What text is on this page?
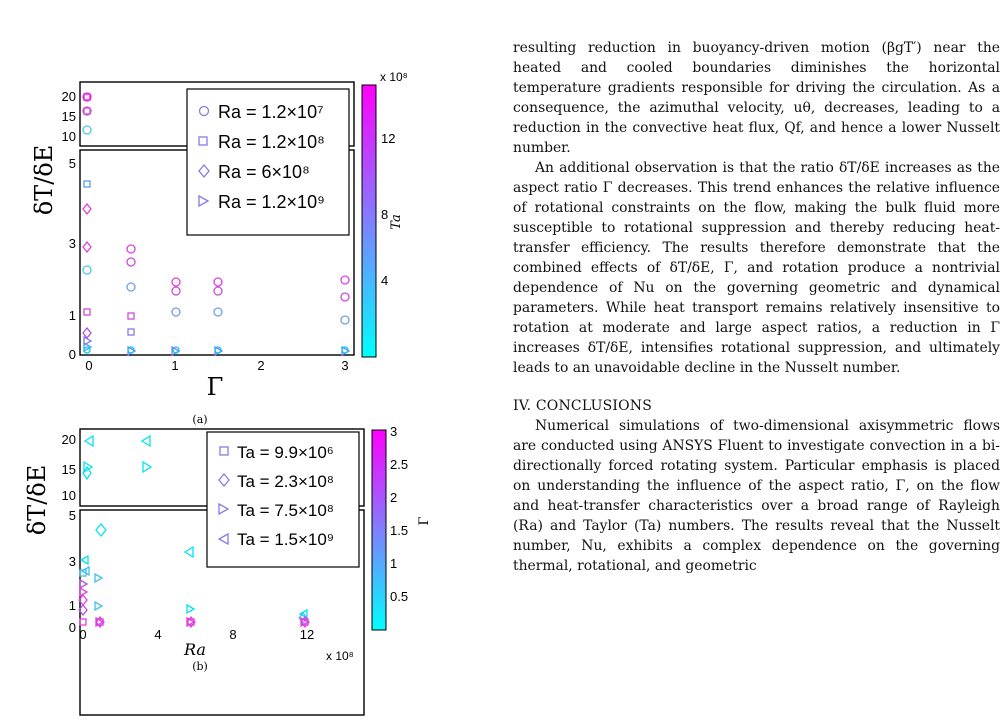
δT/δE
20
15
10
5
3
1
0
0	1	2	3
Γ
Ra = 1.2×10⁷
Ra = 1.2×10⁸
Ra = 6×10⁸
Ra = 1.2×10⁹
x 10⁸
4
8
12
Ta
(a)
δT/δE
20
15
10
5
3
1
0 0	4	8	12
Ra	x 10⁸
Ta = 9.9×10⁶
Ta = 2.3×10⁸
Ta = 7.5×10⁸
Ta = 1.5×10⁹
3
2.5
2
1.5
1
0.5
Γ
(b)

resulting reduction in buoyancy-driven motion (βgT′) near the heated and cooled boundaries diminishes the horizontal temperature gradients responsible for driving the circulation. As a consequence, the azimuthal velocity, uθ, decreases, leading to a reduction in the convective heat flux, Qf, and hence a lower Nusselt number.

An additional observation is that the ratio δT/δE increases as the aspect ratio Γ decreases. This trend enhances the relative influence of rotational constraints on the flow, making the bulk fluid more susceptible to rotational suppression and thereby reducing heat-transfer efficiency. The results therefore demonstrate that the combined effects of δT/δE, Γ, and rotation produce a nontrivial dependence of Nu on the governing geometric and dynamical parameters. While heat transport remains relatively insensitive to rotation at moderate and large aspect ratios, a reduction in Γ increases δT/δE, intensifies rotational suppression, and ultimately leads to an unavoidable decline in the Nusselt number.

IV. CONCLUSIONS

Numerical simulations of two-dimensional axisymmetric flows are conducted using ANSYS Fluent to investigate convection in a bi-directionally forced rotating system. Particular emphasis is placed on understanding the influence of the aspect ratio, Γ, on the flow and heat-transfer characteristics over a broad range of Rayleigh (Ra) and Taylor (Ta) numbers. The results reveal that the Nusselt number, Nu, exhibits a complex dependence on the governing thermal, rotational, and geometric
